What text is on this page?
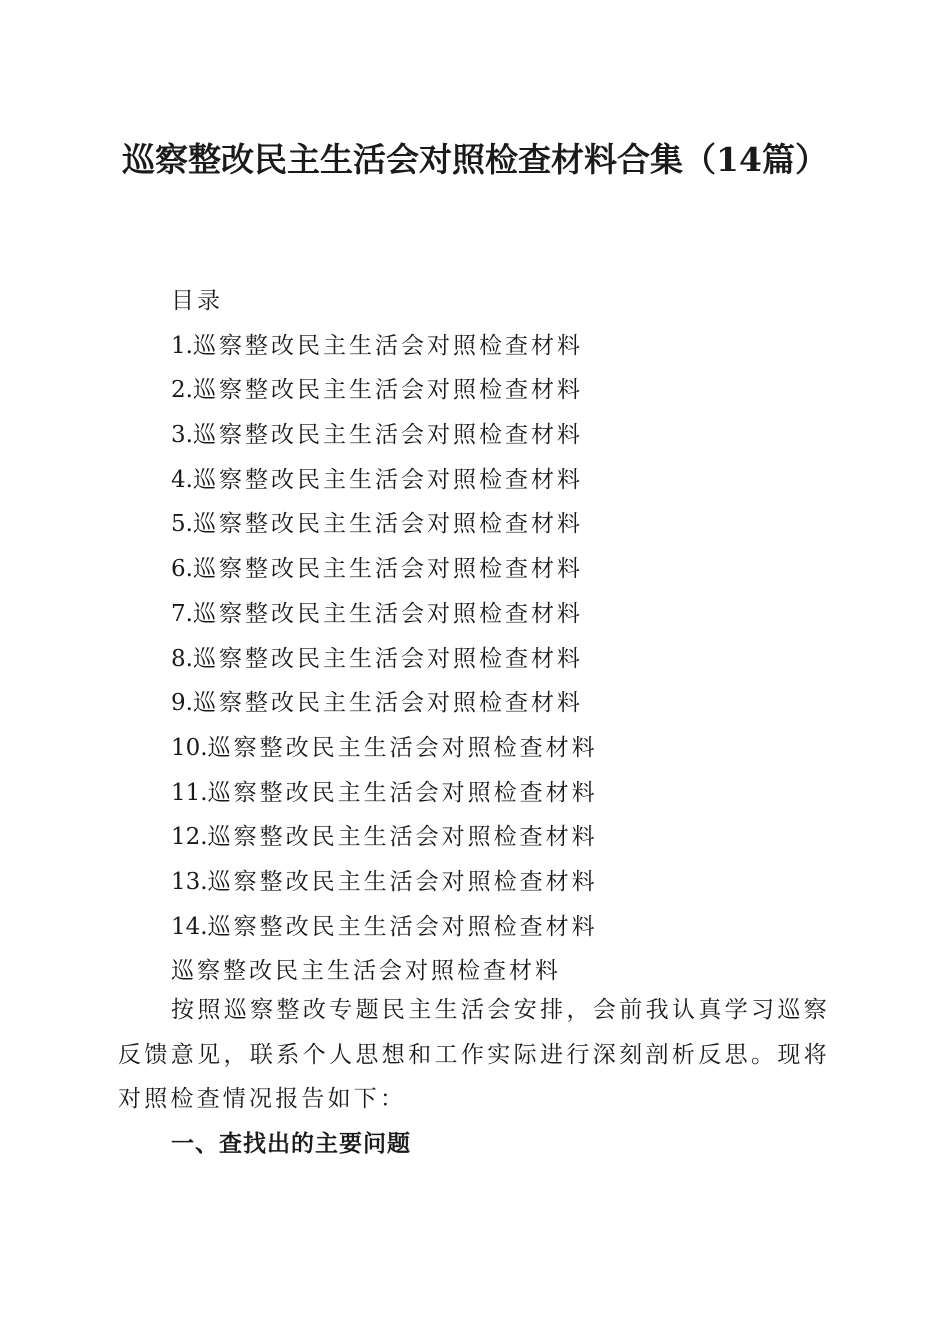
巡察整改民主生活会对照检查材料合集（14篇）
目录
1.巡察整改民主生活会对照检查材料
2.巡察整改民主生活会对照检查材料
3.巡察整改民主生活会对照检查材料
4.巡察整改民主生活会对照检查材料
5.巡察整改民主生活会对照检查材料
6.巡察整改民主生活会对照检查材料
7.巡察整改民主生活会对照检查材料
8.巡察整改民主生活会对照检查材料
9.巡察整改民主生活会对照检查材料
10.巡察整改民主生活会对照检查材料
11.巡察整改民主生活会对照检查材料
12.巡察整改民主生活会对照检查材料
13.巡察整改民主生活会对照检查材料
14.巡察整改民主生活会对照检查材料
巡察整改民主生活会对照检查材料

按照巡察整改专题民主生活会安排，会前我认真学习巡察反馈意见，联系个人思想和工作实际进行深刻剖析反思。现将对照检查情况报告如下：

一、查找出的主要问题
